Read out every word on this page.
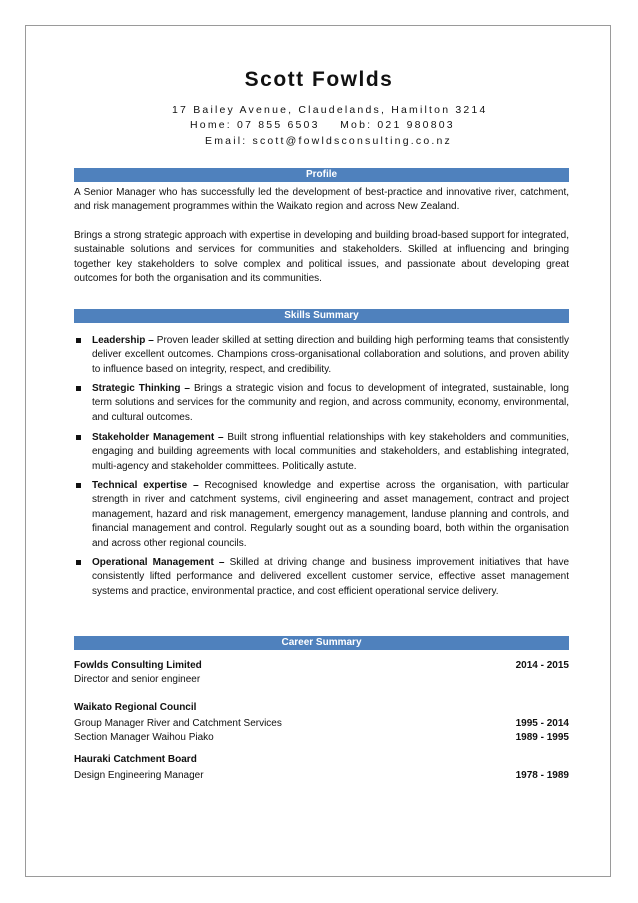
Scott Fowlds
17 Bailey Avenue, Claudelands, Hamilton 3214
Home: 07 855 6503    Mob: 021 980803
Email: scott@fowldsconsulting.co.nz
Profile

A Senior Manager who has successfully led the development of best-practice and innovative river, catchment, and risk management programmes within the Waikato region and across New Zealand.

Brings a strong strategic approach with expertise in developing and building broad-based support for integrated, sustainable solutions and services for communities and stakeholders. Skilled at influencing and bringing together key stakeholders to solve complex and political issues, and passionate about developing great outcomes for both the organisation and its communities.

Skills Summary
Leadership – Proven leader skilled at setting direction and building high performing teams that consistently deliver excellent outcomes. Champions cross-organisational collaboration and solutions, and proven ability to influence based on integrity, respect, and credibility.
Strategic Thinking – Brings a strategic vision and focus to development of integrated, sustainable, long term solutions and services for the community and region, and across community, economy, environmental, and cultural outcomes.
Stakeholder Management – Built strong influential relationships with key stakeholders and communities, engaging and building agreements with local communities and stakeholders, and establishing integrated, multi-agency and stakeholder committees. Politically astute.
Technical expertise – Recognised knowledge and expertise across the organisation, with particular strength in river and catchment systems, civil engineering and asset management, contract and project management, hazard and risk management, emergency management, landuse planning and controls, and financial management and control. Regularly sought out as a sounding board, both within the organisation and across other regional councils.
Operational Management – Skilled at driving change and business improvement initiatives that have consistently lifted performance and delivered excellent customer service, effective asset management systems and practice, environmental practice, and cost efficient operational service delivery.
Career Summary
Fowlds Consulting Limited	2014 - 2015
Director and senior engineer
Waikato Regional Council
Group Manager River and Catchment Services	1995 - 2014
Section Manager Waihou Piako	1989 - 1995
Hauraki Catchment Board
Design Engineering Manager	1978 - 1989
